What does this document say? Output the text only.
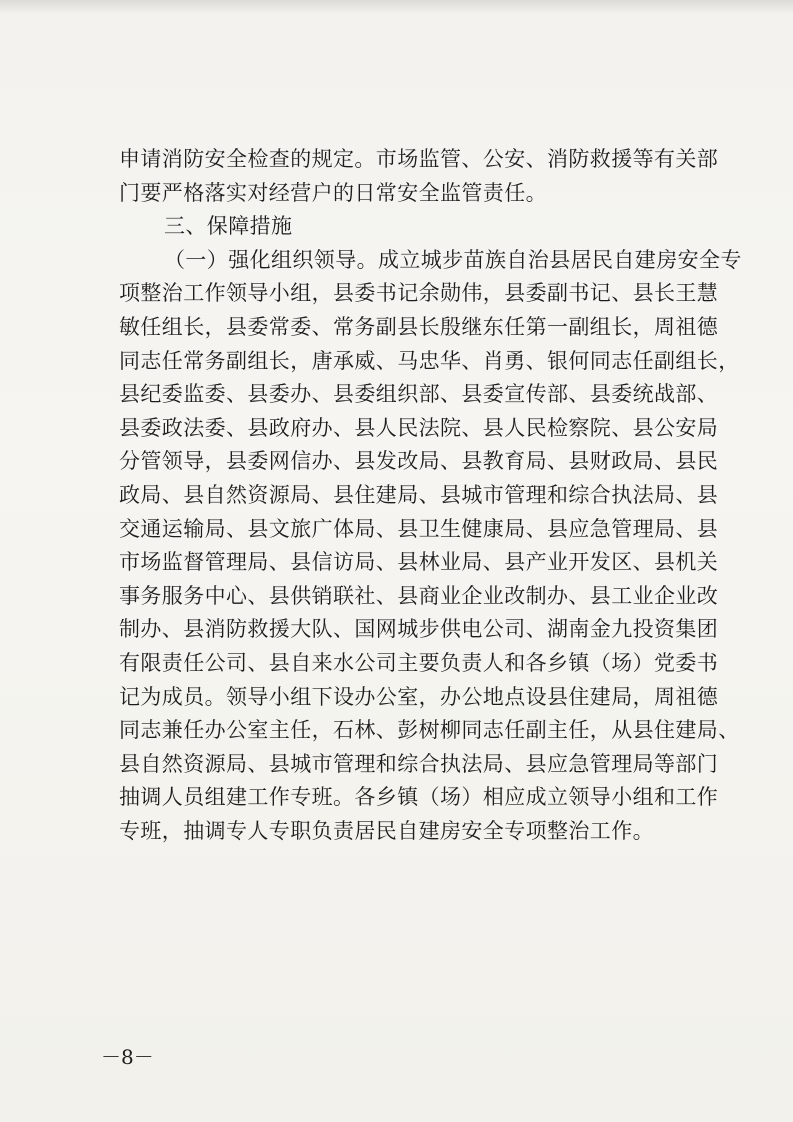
申请消防安全检查的规定。市场监管、公安、消防救援等有关部
门要严格落实对经营户的日常安全监管责任。
三、保障措施
（一）强化组织领导。成立城步苗族自治县居民自建房安全专
项整治工作领导小组，县委书记余勋伟，县委副书记、县长王慧
敏任组长，县委常委、常务副县长殷继东任第一副组长，周祖德
同志任常务副组长，唐承威、马忠华、肖勇、银何同志任副组长，
县纪委监委、县委办、县委组织部、县委宣传部、县委统战部、
县委政法委、县政府办、县人民法院、县人民检察院、县公安局
分管领导，县委网信办、县发改局、县教育局、县财政局、县民
政局、县自然资源局、县住建局、县城市管理和综合执法局、县
交通运输局、县文旅广体局、县卫生健康局、县应急管理局、县
市场监督管理局、县信访局、县林业局、县产业开发区、县机关
事务服务中心、县供销联社、县商业企业改制办、县工业企业改
制办、县消防救援大队、国网城步供电公司、湖南金九投资集团
有限责任公司、县自来水公司主要负责人和各乡镇（场）党委书
记为成员。领导小组下设办公室，办公地点设县住建局，周祖德
同志兼任办公室主任，石林、彭树柳同志任副主任，从县住建局、
县自然资源局、县城市管理和综合执法局、县应急管理局等部门
抽调人员组建工作专班。各乡镇（场）相应成立领导小组和工作
专班，抽调专人专职负责居民自建房安全专项整治工作。
－8－
